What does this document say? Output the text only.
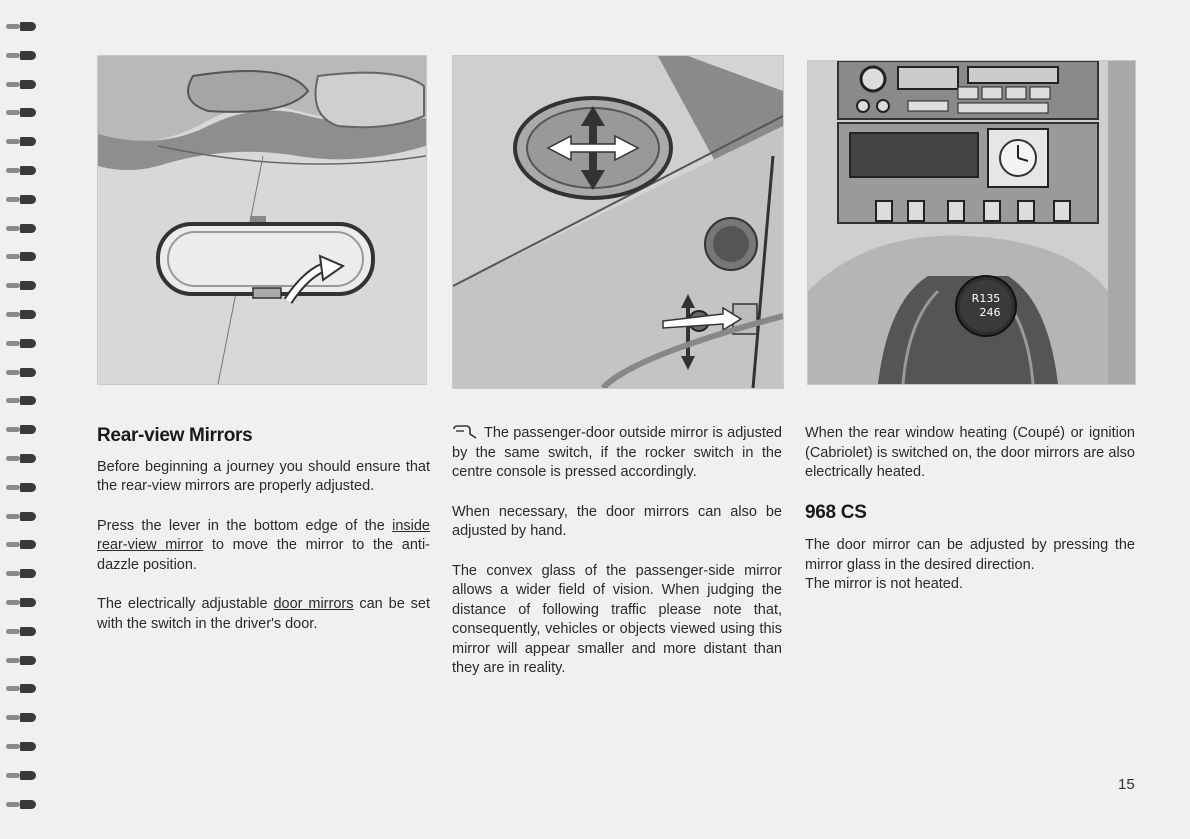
R135 246
Rear-view Mirrors

Before beginning a journey you should ensure that the rear-view mirrors are properly adjusted.

Press the lever in the bottom edge of the inside rear-view mirror to move the mirror to the anti-dazzle position.

The electrically adjustable door mirrors can be set with the switch in the driver's door.

The passenger-door outside mirror is adjusted by the same switch, if the rocker switch in the centre console is pressed accordingly.

When necessary, the door mirrors can also be adjusted by hand.

The convex glass of the passenger-side mirror allows a wider field of vision. When judging the distance of following traffic please note that, consequently, vehicles or objects viewed using this mirror will appear smaller and more distant than they are in reality.

When the rear window heating (Coupé) or ignition (Cabriolet) is switched on, the door mirrors are also electrically heated.

968 CS

The door mirror can be adjusted by pressing the mirror glass in the desired direction.

The mirror is not heated.

15
